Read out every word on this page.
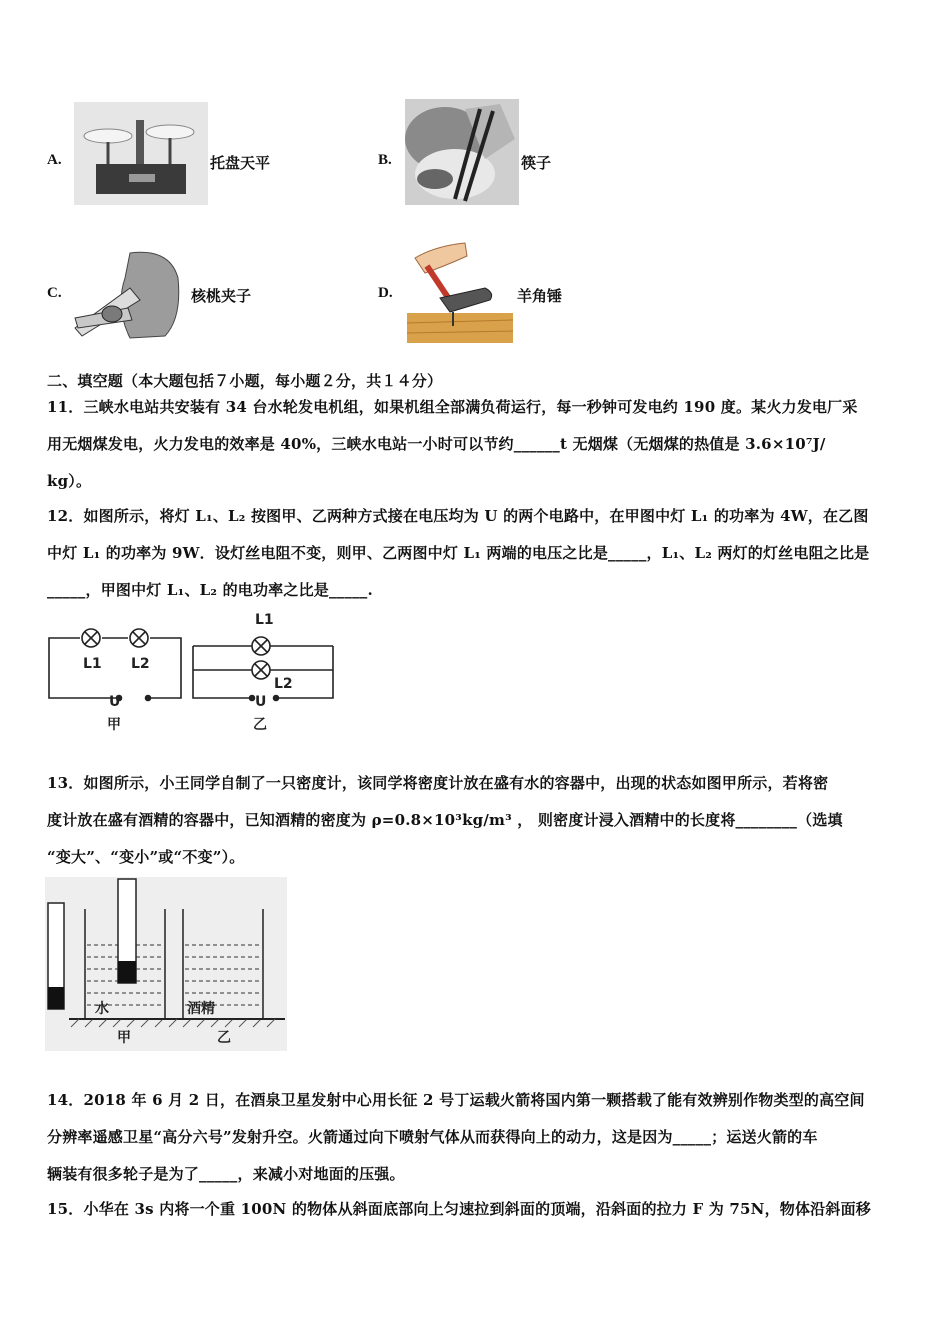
A.	托盘天平	B.	筷子
C.	核桃夹子	D.	羊角锤
二、填空题（本大题包括７小题，每小题２分，共１４分）
11．三峡水电站共安装有 34 台水轮发电机组，如果机组全部满负荷运行，每一秒钟可发电约 190 度。某火力发电厂采
用无烟煤发电，火力发电的效率是 40%，三峡水电站一小时可以节约______t 无烟煤（无烟煤的热值是 3.6×10⁷J/
kg）。
12．如图所示，将灯 L₁、L₂ 按图甲、乙两种方式接在电压均为 U 的两个电路中，在甲图中灯 L₁ 的功率为 4W，在乙图
中灯 L₁ 的功率为 9W．设灯丝电阻不变，则甲、乙两图中灯 L₁ 两端的电压之比是_____，L₁、L₂ 两灯的灯丝电阻之比是
_____，甲图中灯 L₁、L₂ 的电功率之比是_____.
L1 L2
U
甲
L1
L2
U
乙
13．如图所示，小王同学自制了一只密度计，该同学将密度计放在盛有水的容器中，出现的状态如图甲所示，若将密
度计放在盛有酒精的容器中，已知酒精的密度为 ρ=0.8×10³kg/m³ ， 则密度计浸入酒精中的长度将________（选填
“变大”、“变小”或“不变”）。
水	酒精
甲	乙
14．2018 年 6 月 2 日，在酒泉卫星发射中心用长征 2 号丁运载火箭将国内第一颗搭载了能有效辨别作物类型的高空间
分辨率遥感卫星“高分六号”发射升空。火箭通过向下喷射气体从而获得向上的动力，这是因为_____；运送火箭的车
辆装有很多轮子是为了_____，来减小对地面的压强。
15．小华在 3s 内将一个重 100N 的物体从斜面底部向上匀速拉到斜面的顶端，沿斜面的拉力 F 为 75N，物体沿斜面移
